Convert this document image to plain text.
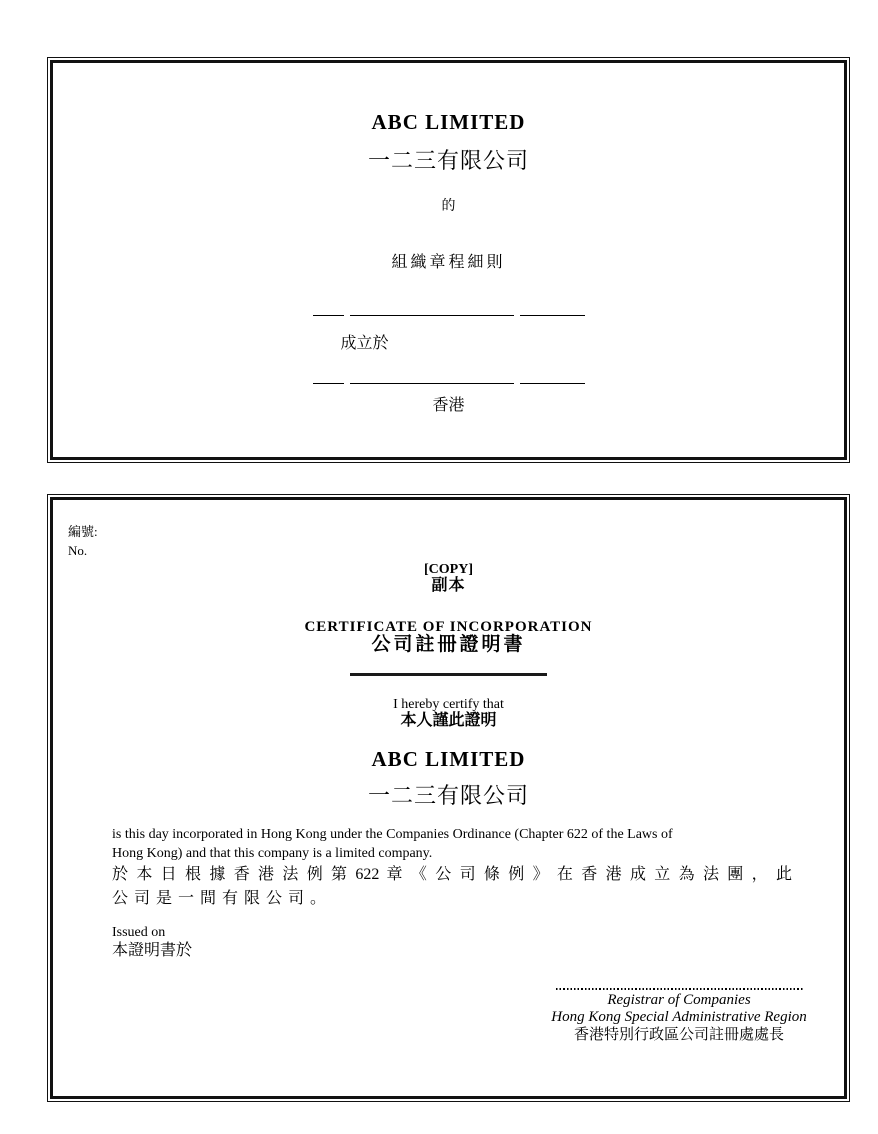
ABC LIMITED
一二三有限公司
的
組織章程細則
成立於
香港
編號:
No.
[COPY]
副本
CERTIFICATE OF INCORPORATION
公司註冊證明書
I hereby certify that
本人謹此證明
ABC LIMITED
一二三有限公司
is this day incorporated in Hong Kong under the Companies Ordinance (Chapter 622 of the Laws of
Hong Kong) and that this company is a limited company.
於 本 日 根 據 香 港 法 例 第 622 章 《 公 司 條 例 》 在 香 港 成 立 為 法 團 ， 此
公 司 是 一 間 有 限 公 司 。
Issued on
本證明書於
Registrar of Companies
Hong Kong Special Administrative Region
香港特別行政區公司註冊處處長
